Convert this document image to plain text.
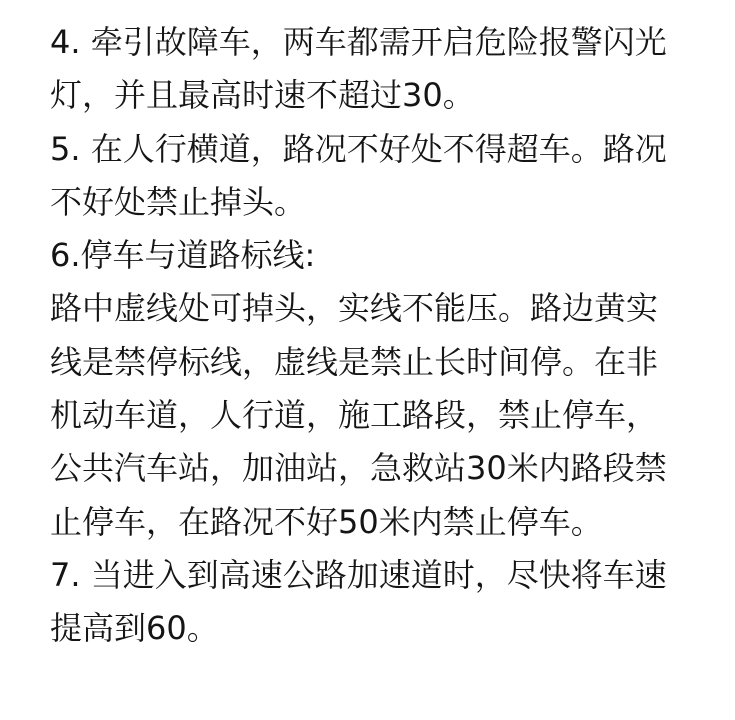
4. 牵引故障车，两车都需开启危险报警闪光
灯，并且最高时速不超过30。
5. 在人行横道，路况不好处不得超车。路况
不好处禁止掉头。
6.停车与道路标线:
路中虚线处可掉头，实线不能压。路边黄实
线是禁停标线，虚线是禁止长时间停。在非
机动车道，人行道，施工路段，禁止停车，
公共汽车站，加油站，急救站30米内路段禁
止停车，在路况不好50米内禁止停车。
7. 当进入到高速公路加速道时，尽快将车速
提高到60。
